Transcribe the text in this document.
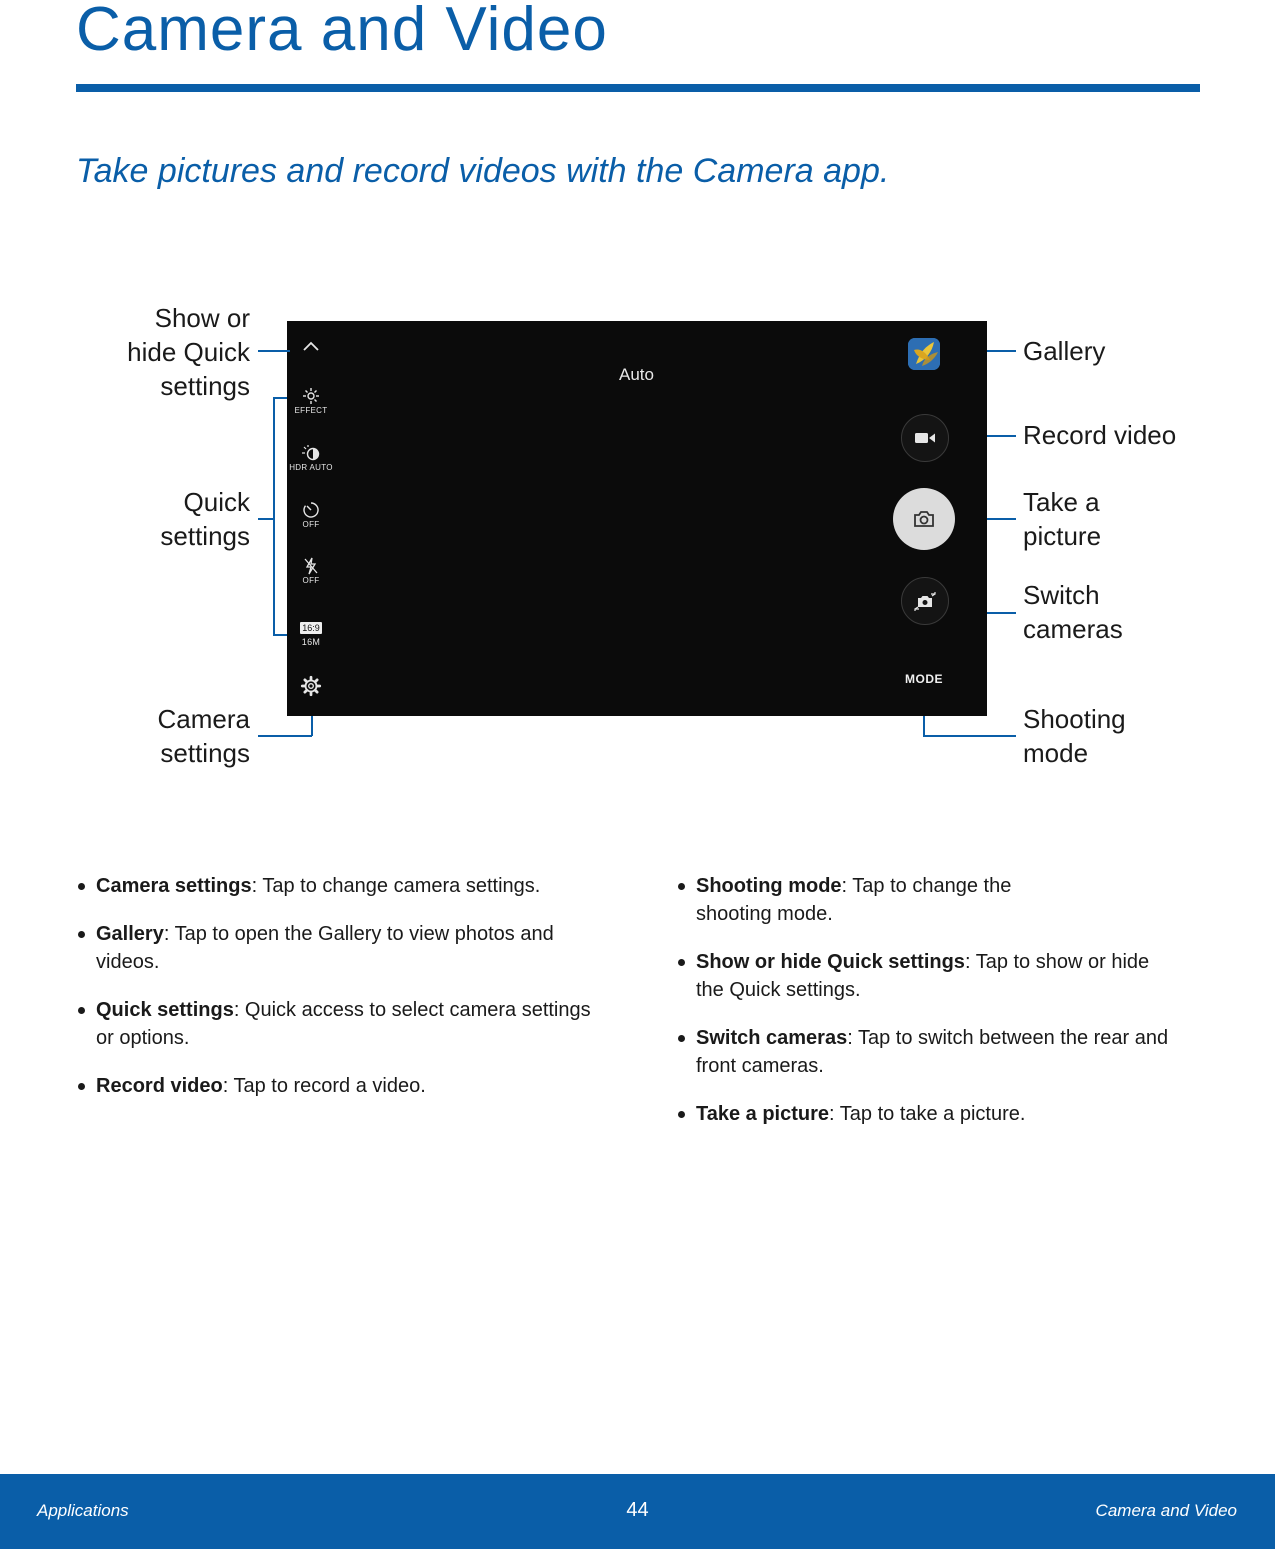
Camera and Video
Take pictures and record videos with the Camera app.
EFFECT
HDR AUTO
OFF
OFF
16:9
16M
Auto
MODE
Show or
hide Quick
settings
Quick
settings
Camera
settings
Gallery
Record video
Take a
picture
Switch
cameras
Shooting
mode
Camera settings: Tap to change camera settings.
Gallery: Tap to open the Gallery to view photos and videos.
Quick settings: Quick access to select camera settings or options.
Record video: Tap to record a video.
Shooting mode: Tap to change the shooting mode.
Show or hide Quick settings: Tap to show or hide the Quick settings.
Switch cameras: Tap to switch between the rear and front cameras.
Take a picture: Tap to take a picture.
Applications	44	Camera and Video
